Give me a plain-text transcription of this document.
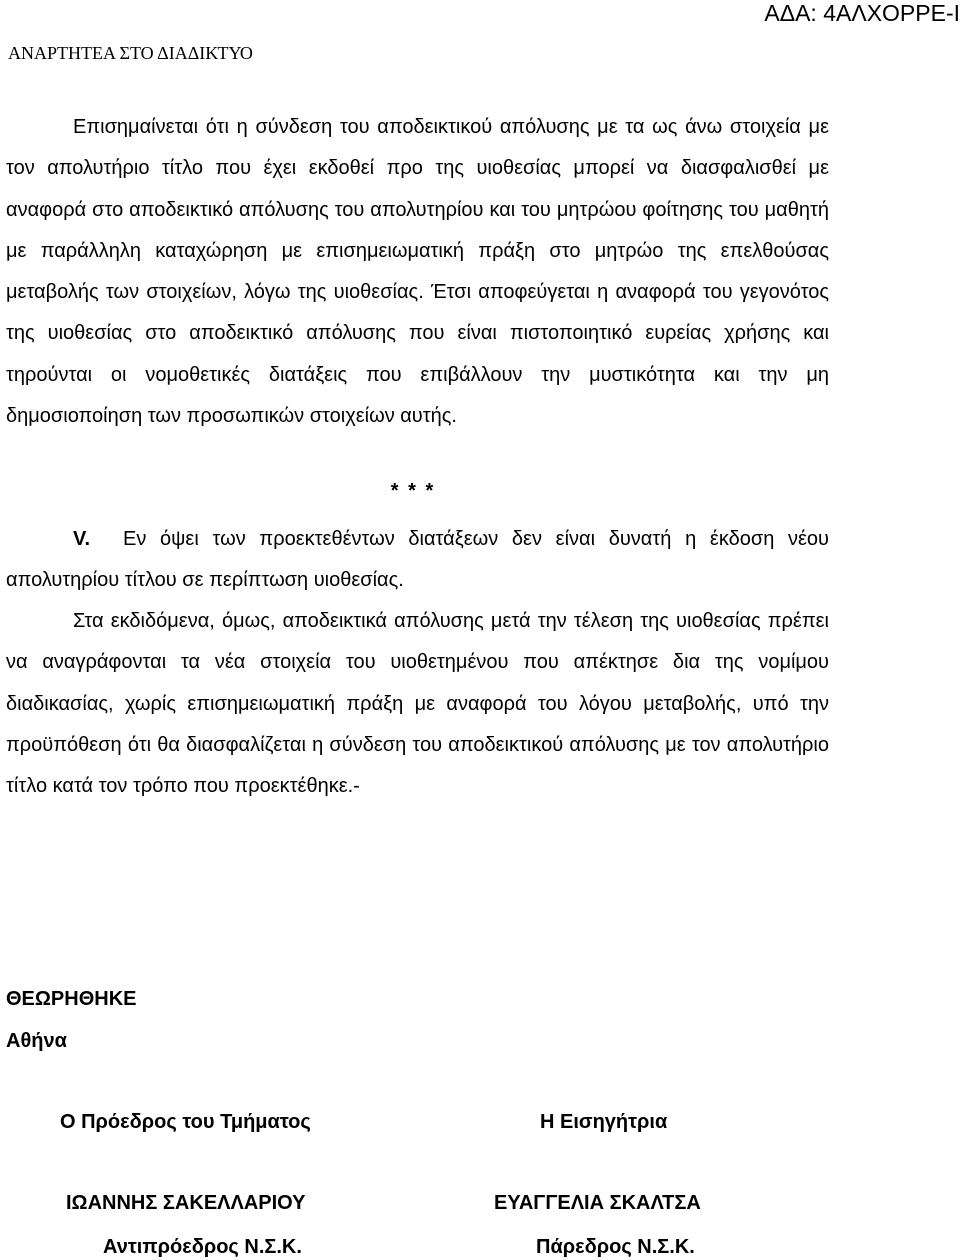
ΑΔΑ: 4ΑΛΧΟΡΡΕ-Ι
ΑΝΑΡΤΗΤΕΑ ΣΤΟ ΔΙΑΔΙΚΤΥΟ
Επισημαίνεται ότι η σύνδεση του αποδεικτικού απόλυσης με τα ως άνω στοιχεία με τον απολυτήριο τίτλο που έχει εκδοθεί προ της υιοθεσίας μπορεί να διασφαλισθεί με αναφορά στο αποδεικτικό απόλυσης του απολυτηρίου και του μητρώου φοίτησης του μαθητή με παράλληλη καταχώρηση με επισημειωματική πράξη στο μητρώο της επελθούσας μεταβολής των στοιχείων, λόγω της υιοθεσίας. Έτσι αποφεύγεται η αναφορά του γεγονότος της υιοθεσίας στο αποδεικτικό απόλυσης που είναι πιστοποιητικό ευρείας χρήσης και τηρούνται οι νομοθετικές διατάξεις που επιβάλλουν την μυστικότητα και την μη δημοσιοποίηση των προσωπικών στοιχείων αυτής.
* * *
V. Εν όψει των προεκτεθέντων διατάξεων δεν είναι δυνατή η έκδοση νέου απολυτηρίου τίτλου σε περίπτωση υιοθεσίας.
Στα εκδιδόμενα, όμως, αποδεικτικά απόλυσης μετά την τέλεση της υιοθεσίας πρέπει να αναγράφονται τα νέα στοιχεία του υιοθετημένου που απέκτησε δια της νομίμου διαδικασίας, χωρίς επισημειωματική πράξη με αναφορά του λόγου μεταβολής, υπό την προϋπόθεση ότι θα διασφαλίζεται η σύνδεση του αποδεικτικού απόλυσης με τον απολυτήριο τίτλο κατά τον τρόπο που προεκτέθηκε.-
ΘΕΩΡΗΘΗΚΕ
Αθήνα
Ο Πρόεδρος του Τμήματος	Η Εισηγήτρια
ΙΩΑΝΝΗΣ ΣΑΚΕΛΛΑΡΙΟΥ	ΕΥΑΓΓΕΛΙΑ ΣΚΑΛΤΣΑ
Αντιπρόεδρος Ν.Σ.Κ.	Πάρεδρος Ν.Σ.Κ.
